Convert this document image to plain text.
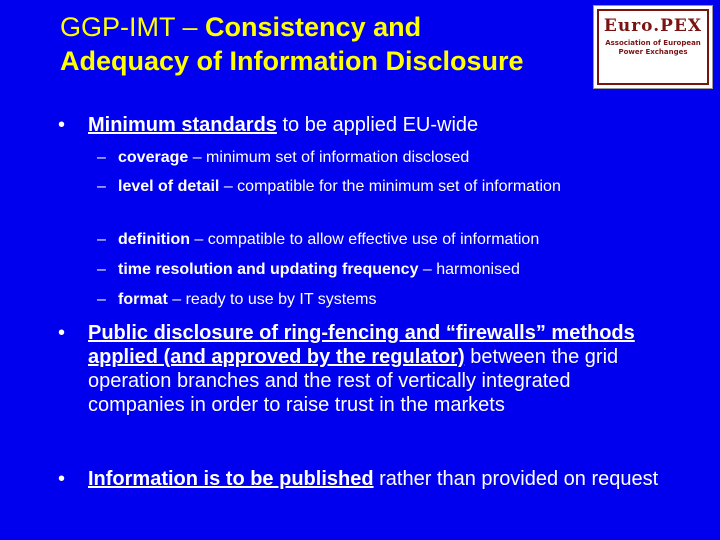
GGP-IMT – Consistency and
Adequacy of Information Disclosure
Euro.PEX
Association of European
Power Exchanges
•	Minimum standards to be applied EU-wide
– coverage – minimum set of information disclosed
– level of detail – compatible for the minimum set of information
– definition – compatible to allow effective use of information
– time resolution and updating frequency – harmonised
– format – ready to use by IT systems
•	Public disclosure of ring-fencing and “firewalls” methods applied (and approved by the regulator) between the grid operation branches and the rest of vertically integrated companies in order to raise trust in the markets
•	Information is to be published rather than provided on request
